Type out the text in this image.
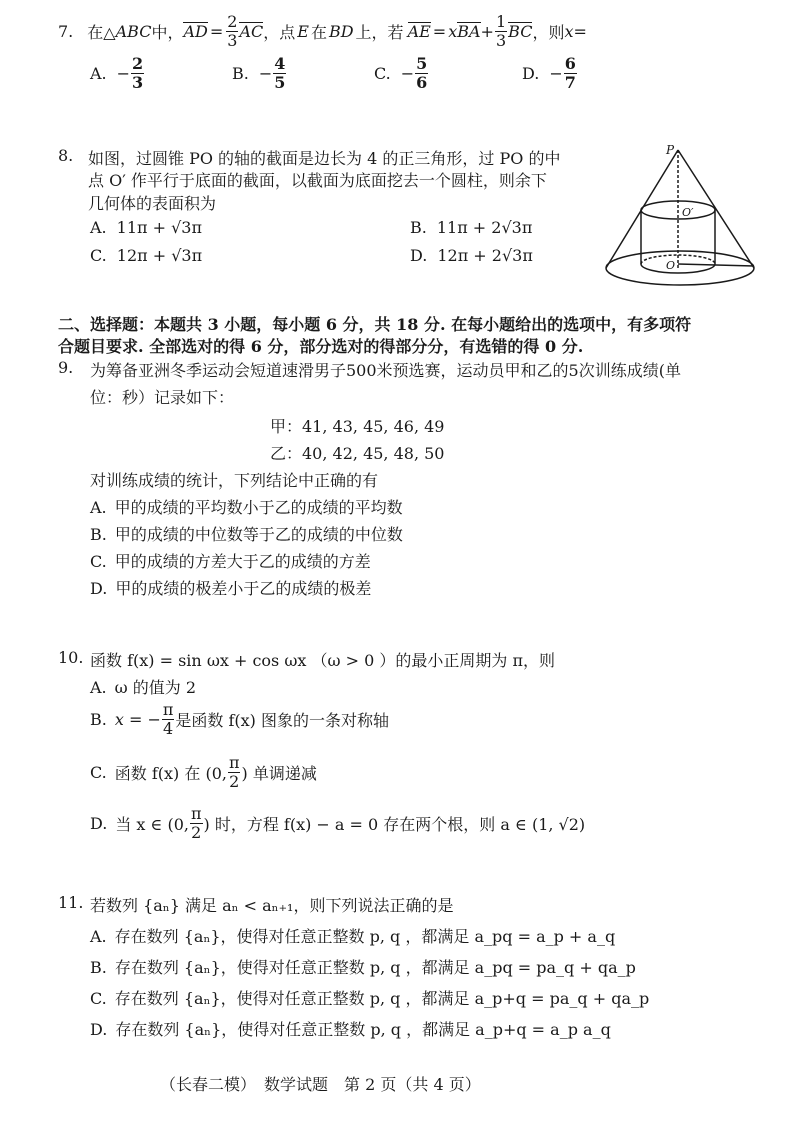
7. 在△ ABC 中， AD = $\frac{2}{3}$ AC ，点 E 在 BD 上，若 AE = x BA + $\frac{1}{3}$ BC ，则 x =
A. − $\frac{2}{3}$	B. − $\frac{4}{5}$	C. − $\frac{5}{6}$	D. − $\frac{6}{7}$
8. 如图，过圆锥 PO 的轴的截面是边长为 4 的正三角形，过 PO 的中
点 O′ 作平行于底面的截面，以截面为底面挖去一个圆柱，则余下
几何体的表面积为
A. 11π + √3π	B. 11π + 2√3π
C. 12π + √3π	D. 12π + 2√3π
P
O′
O
二、选择题：本题共 3 小题，每小题 6 分，共 18 分. 在每小题给出的选项中，有多项符
合题目要求. 全部选对的得 6 分，部分选对的得部分分，有选错的得 0 分.
9. 为筹备亚洲冬季运动会短道速滑男子500米预选赛，运动员甲和乙的5次训练成绩(单
位：秒）记录如下：
甲：41, 43, 45, 46, 49
乙：40, 42, 45, 48, 50
对训练成绩的统计，下列结论中正确的有
A. 甲的成绩的平均数小于乙的成绩的平均数
B. 甲的成绩的中位数等于乙的成绩的中位数
C. 甲的成绩的方差大于乙的成绩的方差
D. 甲的成绩的极差小于乙的成绩的极差
10. 函数 f(x) = sin ωx + cos ωx （ω > 0 ）的最小正周期为 π，则
A. ω 的值为 2
B. x = − $\frac{\pi}{4}$ 是函数 f(x) 图象的一条对称轴
C. 函数 f(x) 在 (0, $\frac{\pi}{2}$ ) 单调递减
D. 当 x ∈ (0, $\frac{\pi}{2}$ ) 时，方程 f(x) − a = 0 存在两个根，则 a ∈ (1, √2)
11. 若数列 {aₙ} 满足 aₙ < aₙ₊₁，则下列说法正确的是
A. 存在数列 {aₙ}，使得对任意正整数 p, q ，都满足 a_pq = a_p + a_q
B. 存在数列 {aₙ}，使得对任意正整数 p, q ，都满足 a_pq = pa_q + qa_p
C. 存在数列 {aₙ}，使得对任意正整数 p, q ，都满足 a_p+q = pa_q + qa_p
D. 存在数列 {aₙ}，使得对任意正整数 p, q ，都满足 a_p+q = a_p a_q
（长春二模）　数学试题　第 2 页（共 4 页）
